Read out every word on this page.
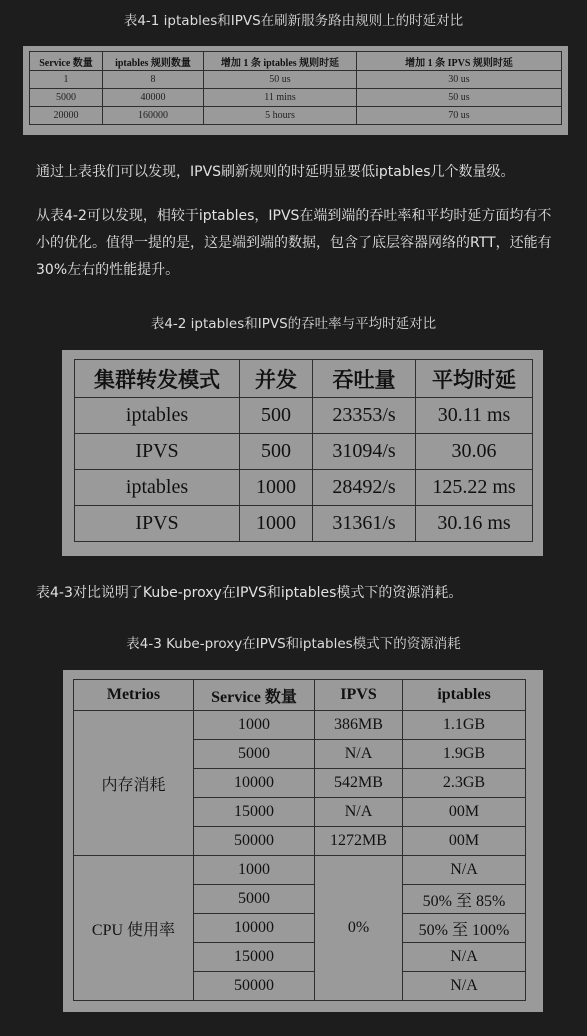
表4-1 iptables和IPVS在刷新服务路由规则上的时延对比
Service 数量	iptables 规则数量	增加 1 条 iptables 规则时延	增加 1 条 IPVS 规则时延
1	8	50 us	30 us
5000	40000	11 mins	50 us
20000	160000	5 hours	70 us
通过上表我们可以发现，IPVS刷新规则的时延明显要低iptables几个数量级。
从表4-2可以发现，相较于iptables，IPVS在端到端的吞吐率和平均时延方面均有不小的优化。值得一提的是，这是端到端的数据，包含了底层容器网络的RTT，还能有30%左右的性能提升。
表4-2 iptables和IPVS的吞吐率与平均时延对比
集群转发模式	并发	吞吐量	平均时延
iptables	500	23353/s	30.11 ms
IPVS	500	31094/s	30.06
iptables	1000	28492/s	125.22 ms
IPVS	1000	31361/s	30.16 ms
表4-3对比说明了Kube-proxy在IPVS和iptables模式下的资源消耗。
表4-3 Kube-proxy在IPVS和iptables模式下的资源消耗
Metrios	Service 数量	IPVS	iptables
内存消耗	1000	386MB	1.1GB
	5000	N/A	1.9GB
	10000	542MB	2.3GB
	15000	N/A	00M
	50000	1272MB	00M
CPU 使用率	1000	0%	N/A
	5000		50% 至 85%
	10000		50% 至 100%
	15000		N/A
	50000		N/A
